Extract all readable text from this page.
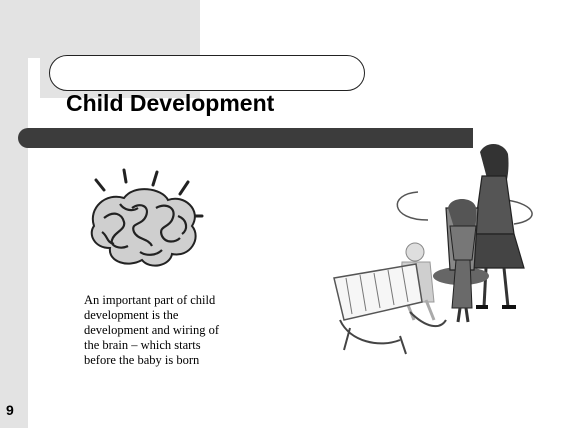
Child Development
An important part of child
development is the
development and wiring of
the brain – which starts
before the baby is born
9
